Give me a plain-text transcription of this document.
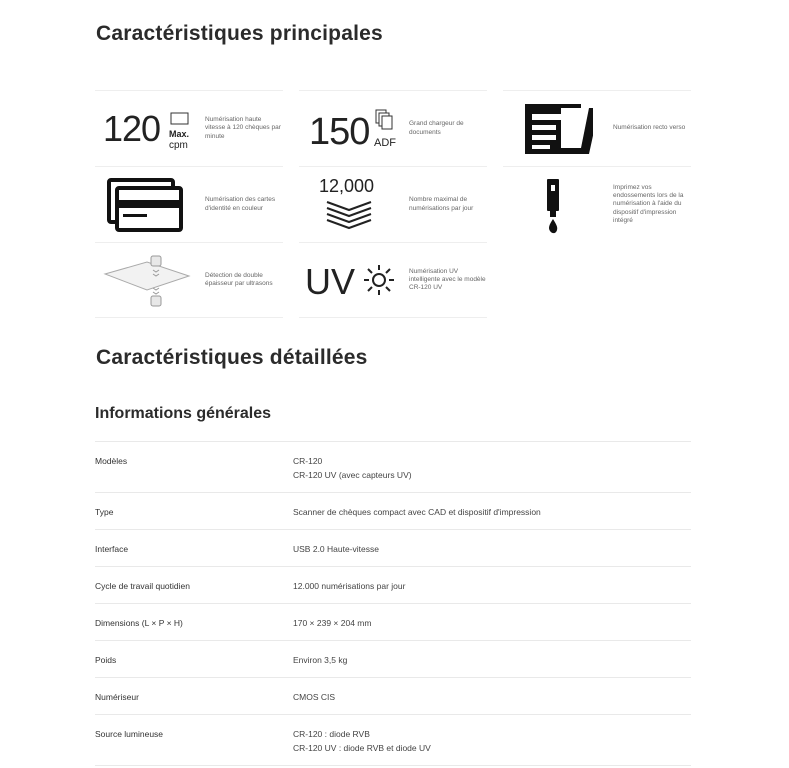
Caractéristiques principales
120 Max.
cpm
Numérisation haute vitesse à 120 chèques par minute	150 ADF
Grand chargeur de documents
Numérisation recto verso
Numérisation des cartes d'identité en couleur
12,000
Nombre maximal de numérisations par jour
Imprimez vos endossements lors de la numérisation à l'aide du dispositif d'impression intégré
Détection de double épaisseur par ultrasons UV	Numérisation UV intelligente avec le modèle CR-120 UV
Caractéristiques détaillées
Informations générales
Modèles	CR-120
CR-120 UV (avec capteurs UV)
Type	Scanner de chèques compact avec CAD et dispositif d'impression
Interface	USB 2.0 Haute-vitesse
Cycle de travail quotidien	12.000 numérisations par jour
Dimensions (L × P × H)	170 × 239 × 204 mm
Poids	Environ 3,5 kg
Numériseur	CMOS CIS
Source lumineuse	CR-120 : diode RVB
CR-120 UV : diode RVB et diode UV
